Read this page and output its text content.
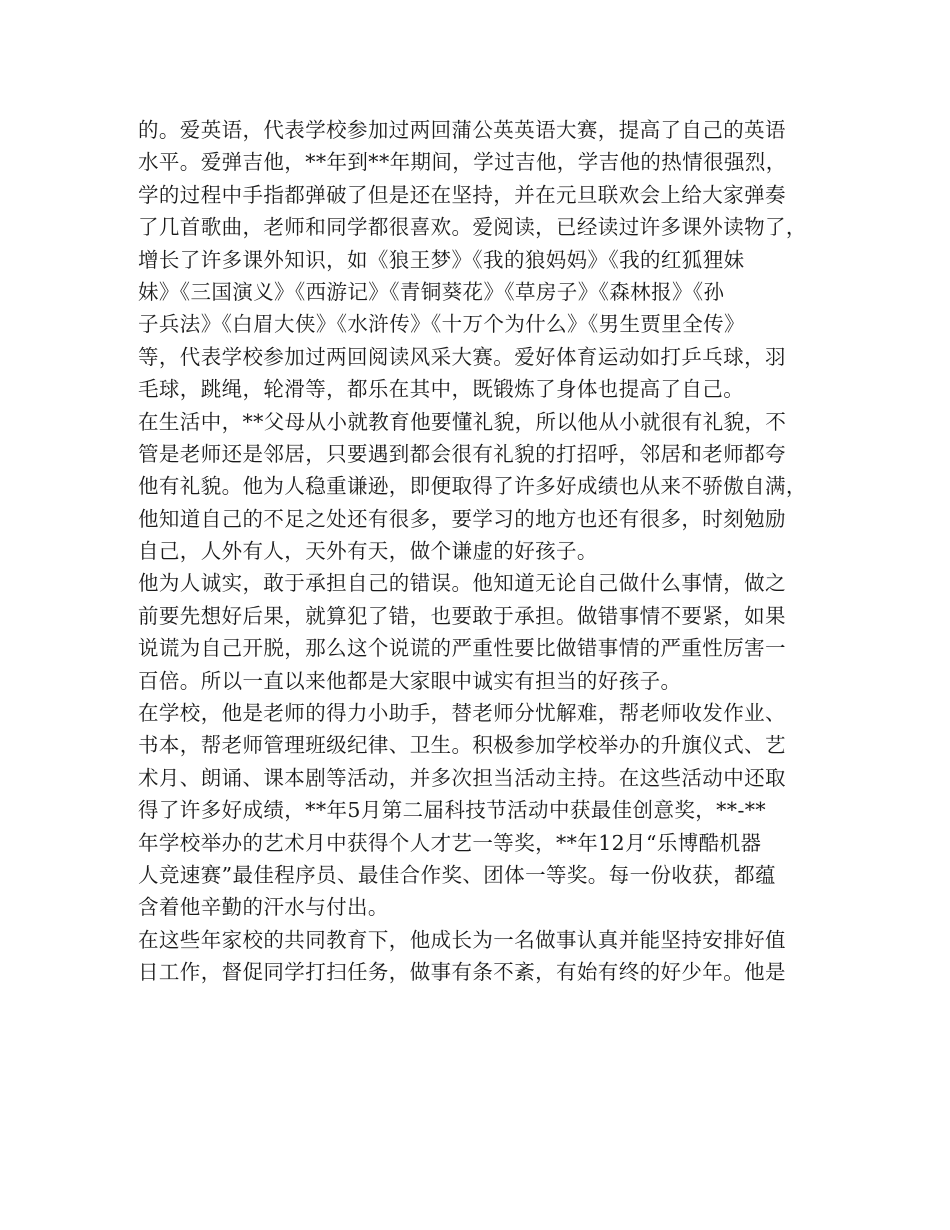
的。爱英语，代表学校参加过两回蒲公英英语大赛，提高了自己的英语
水平。爱弹吉他，**年到**年期间，学过吉他，学吉他的热情很强烈，
学的过程中手指都弹破了但是还在坚持，并在元旦联欢会上给大家弹奏
了几首歌曲，老师和同学都很喜欢。爱阅读，已经读过许多课外读物了，
增长了许多课外知识，如《狼王梦》《我的狼妈妈》《我的红狐狸妹
妹》《三国演义》《西游记》《青铜葵花》《草房子》《森林报》《孙
子兵法》《白眉大侠》《水浒传》《十万个为什么》《男生贾里全传》
等，代表学校参加过两回阅读风采大赛。爱好体育运动如打乒乓球，羽
毛球，跳绳，轮滑等，都乐在其中，既锻炼了身体也提高了自己。
在生活中，**父母从小就教育他要懂礼貌，所以他从小就很有礼貌，不
管是老师还是邻居，只要遇到都会很有礼貌的打招呼，邻居和老师都夸
他有礼貌。他为人稳重谦逊，即便取得了许多好成绩也从来不骄傲自满，
他知道自己的不足之处还有很多，要学习的地方也还有很多，时刻勉励
自己，人外有人，天外有天，做个谦虚的好孩子。
他为人诚实，敢于承担自己的错误。他知道无论自己做什么事情，做之
前要先想好后果，就算犯了错，也要敢于承担。做错事情不要紧，如果
说谎为自己开脱，那么这个说谎的严重性要比做错事情的严重性厉害一
百倍。所以一直以来他都是大家眼中诚实有担当的好孩子。
在学校，他是老师的得力小助手，替老师分忧解难，帮老师收发作业、
书本，帮老师管理班级纪律、卫生。积极参加学校举办的升旗仪式、艺
术月、朗诵、课本剧等活动，并多次担当活动主持。在这些活动中还取
得了许多好成绩，**年5月第二届科技节活动中获最佳创意奖，**-**
年学校举办的艺术月中获得个人才艺一等奖，**年12月“乐博酷机器
人竞速赛”最佳程序员、最佳合作奖、团体一等奖。每一份收获，都蕴
含着他辛勤的汗水与付出。
在这些年家校的共同教育下，他成长为一名做事认真并能坚持安排好值
日工作，督促同学打扫任务，做事有条不紊，有始有终的好少年。他是
